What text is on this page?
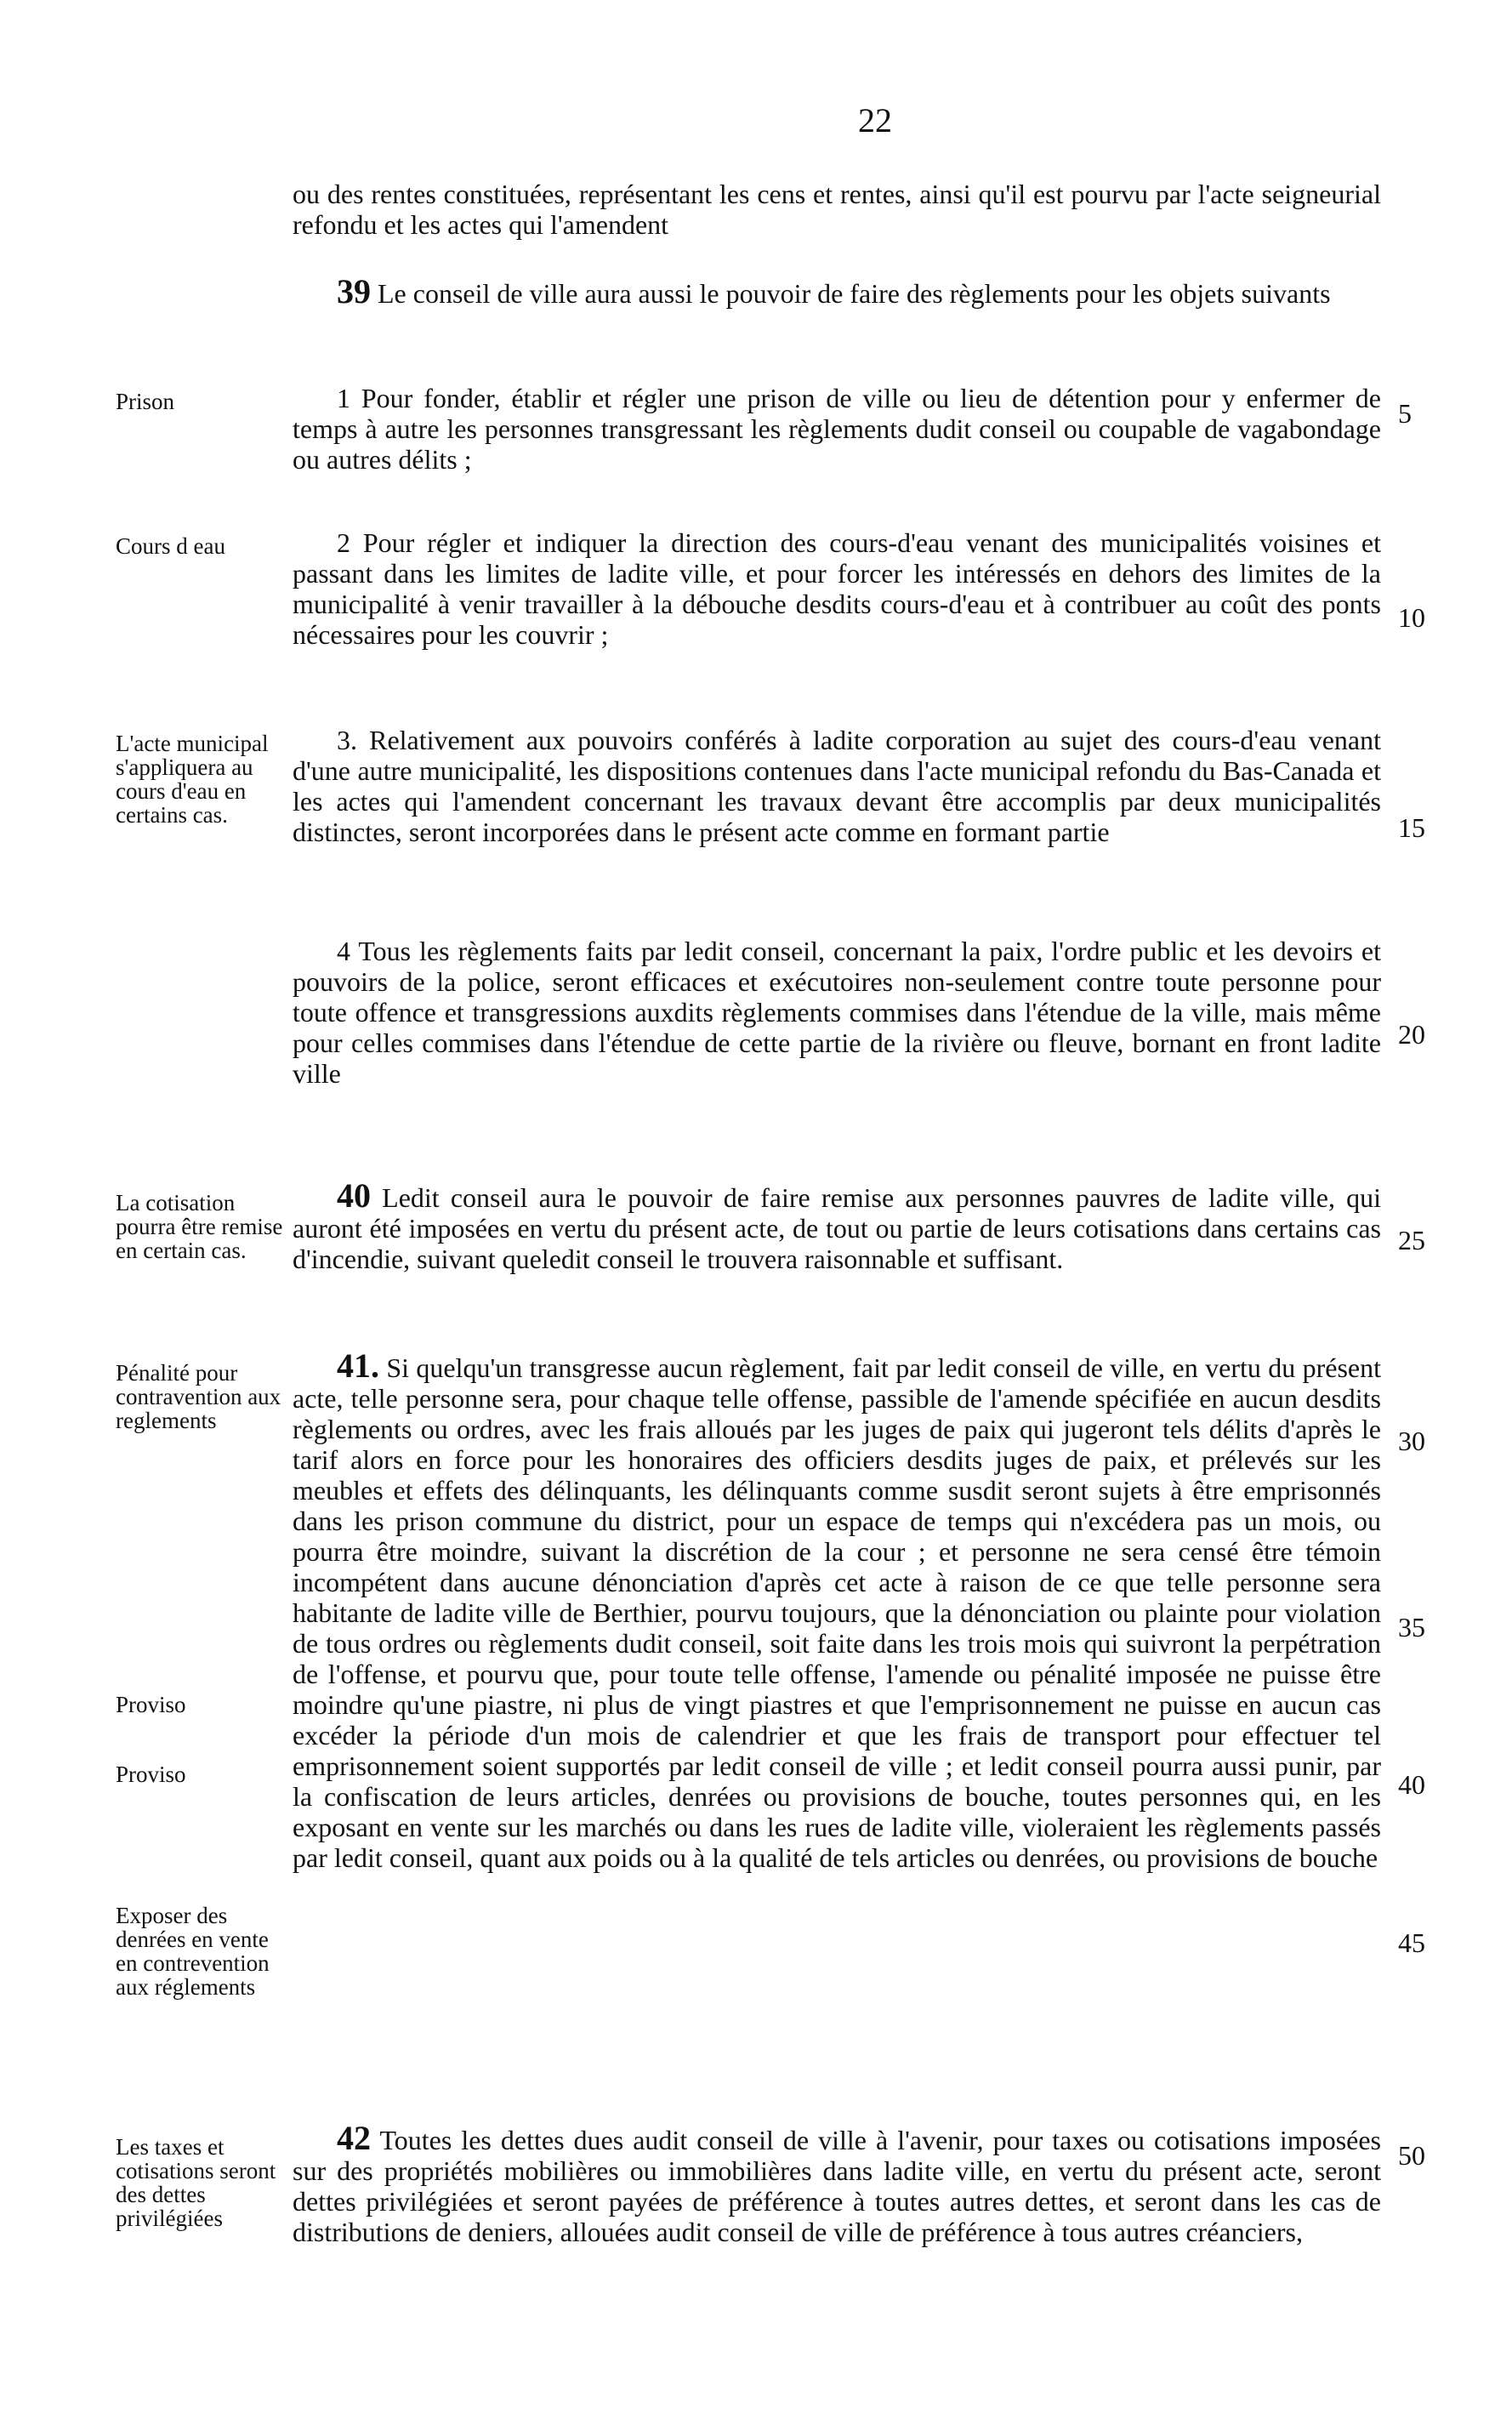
22
ou des rentes constituées, représentant les cens et rentes, ainsi qu'il est pourvu par l'acte seigneurial refondu et les actes qui l'amendent
39 Le conseil de ville aura aussi le pouvoir de faire des règlements pour les objets suivants
Prison	1 Pour fonder, établir et régler une prison de ville ou lieu de détention pour y enfermer de temps à autre les personnes transgressant les règlements dudit conseil ou coupable de vagabondage ou autres délits ;
5
Cours d eau	2 Pour régler et indiquer la direction des cours-d'eau venant des municipalités voisines et passant dans les limites de ladite ville, et pour forcer les intéressés en dehors des limites de la municipalité à venir travailler à la débouche desdits cours-d'eau et à contribuer au coût des ponts nécessaires pour les couvrir ;
10
L'acte municipal s'appliquera au cours d'eau en certains cas.
3. Relativement aux pouvoirs conférés à ladite corporation au sujet des cours-d'eau venant d'une autre municipalité, les dispositions contenues dans l'acte municipal refondu du Bas-Canada et les actes qui l'amendent concernant les travaux devant être accomplis par deux municipalités distinctes, seront incorporées dans le présent acte comme en formant partie	15
4 Tous les règlements faits par ledit conseil, concernant la paix, l'ordre public et les devoirs et pouvoirs de la police, seront efficaces et exécutoires non-seulement contre toute personne pour toute offence et transgressions auxdits règlements commises dans l'étendue de la ville, mais même pour celles commises dans l'étendue de cette partie de la rivière ou fleuve, bornant en front ladite ville
20
La cotisation pourra être remise en certain cas.
40 Ledit conseil aura le pouvoir de faire remise aux personnes pauvres de ladite ville, qui auront été imposées en vertu du présent acte, de tout ou partie de leurs cotisations dans certains cas d'incendie, suivant queledit conseil le trouvera raisonnable et suffisant.
25
Pénalité pour contravention aux reglements
41. Si quelqu'un transgresse aucun règlement, fait par ledit conseil de ville, en vertu du présent acte, telle personne sera, pour chaque telle offense, passible de l'amende spécifiée en aucun desdits règlements ou ordres, avec les frais alloués par les juges de paix qui jugeront tels délits d'après le tarif alors en force pour les honoraires des officiers desdits juges de paix, et prélevés sur les meubles et effets des délinquants, les délinquants comme susdit seront sujets à être emprisonnés dans les prison commune du district, pour un espace de temps qui n'excédera pas un mois, ou pourra être moindre, suivant la discrétion de la cour ; et personne ne sera censé être témoin incompétent dans aucune dénonciation d'après cet acte à raison de ce que telle personne sera habitante de ladite ville de Berthier, pourvu toujours, que la dénonciation ou plainte pour violation de tous ordres ou règlements dudit conseil, soit faite dans les trois mois qui suivront la perpétration de l'offense, et pourvu que, pour toute telle offense, l'amende ou pénalité imposée ne puisse être moindre qu'une piastre, ni plus de vingt piastres et que l'emprisonnement ne puisse en aucun cas excéder la période d'un mois de calendrier et que les frais de transport pour effectuer tel emprisonnement soient supportés par ledit conseil de ville ; et ledit conseil pourra aussi punir, par la confiscation de leurs articles, denrées ou provisions de bouche, toutes personnes qui, en les exposant en vente sur les marchés ou dans les rues de ladite ville, violeraient les règlements passés par ledit conseil, quant aux poids ou à la qualité de tels articles ou denrées, ou provisions de bouche
30
35
Proviso
Proviso	40
Exposer des denrées en vente en contrevention aux réglements
45
Les taxes et cotisations seront des dettes privilégiées
42 Toutes les dettes dues audit conseil de ville à l'avenir, pour taxes ou cotisations imposées sur des propriétés mobilières ou immobilières dans ladite ville, en vertu du présent acte, seront dettes privilégiées et seront payées de préférence à toutes autres dettes, et seront dans les cas de distributions de deniers, allouées audit conseil de ville de préférence à tous autres créanciers,
50
